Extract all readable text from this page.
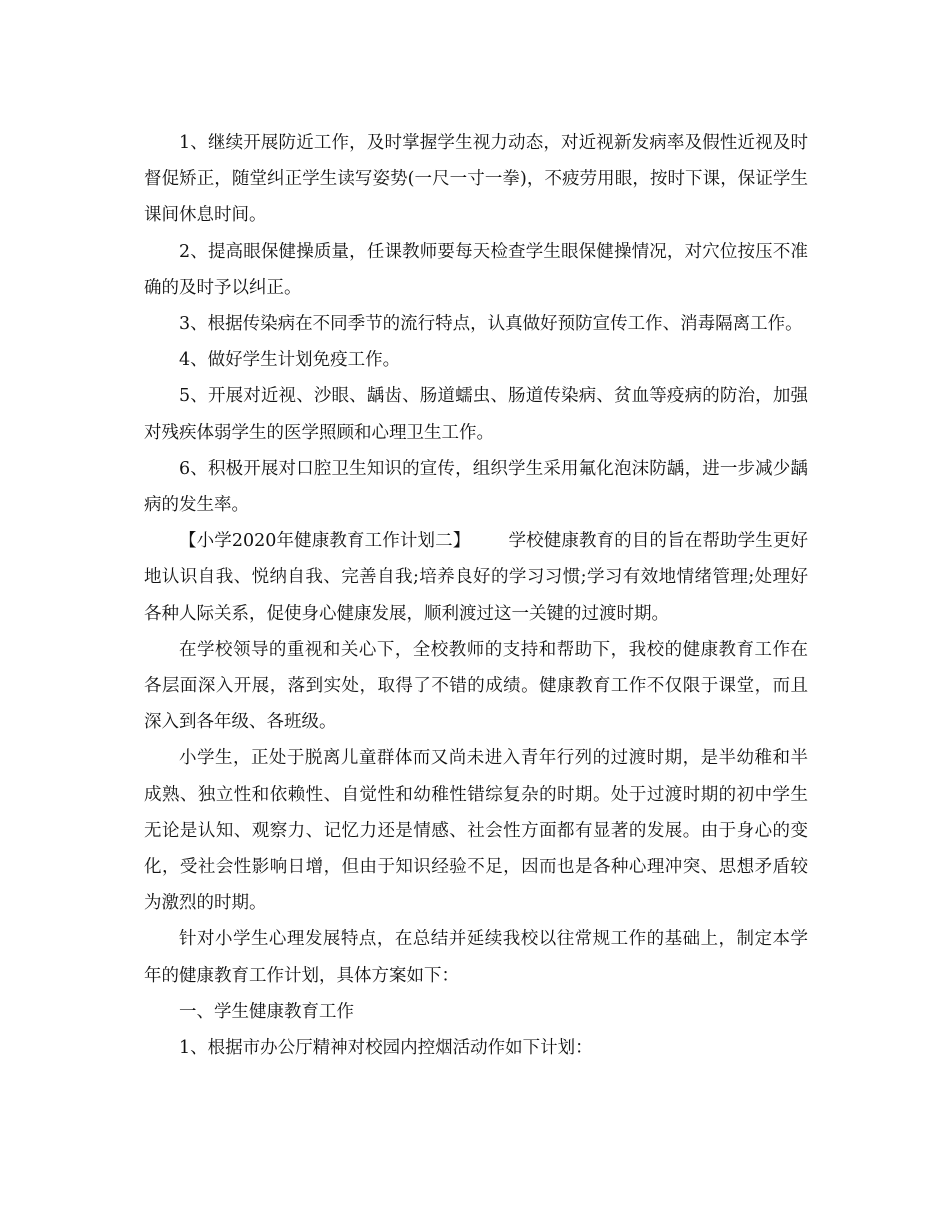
1、继续开展防近工作，及时掌握学生视力动态，对近视新发病率及假性近视及时督促矫正，随堂纠正学生读写姿势(一尺一寸一拳)，不疲劳用眼，按时下课，保证学生课间休息时间。

2、提高眼保健操质量，任课教师要每天检查学生眼保健操情况，对穴位按压不准确的及时予以纠正。

3、根据传染病在不同季节的流行特点，认真做好预防宣传工作、消毒隔离工作。

4、做好学生计划免疫工作。

5、开展对近视、沙眼、龋齿、肠道蠕虫、肠道传染病、贫血等疫病的防治，加强对残疾体弱学生的医学照顾和心理卫生工作。

6、积极开展对口腔卫生知识的宣传，组织学生采用氟化泡沫防龋，进一步减少龋病的发生率。

【小学2020年健康教育工作计划二】 学校健康教育的目的旨在帮助学生更好地认识自我、悦纳自我、完善自我;培养良好的学习习惯;学习有效地情绪管理;处理好各种人际关系，促使身心健康发展，顺利渡过这一关键的过渡时期。

在学校领导的重视和关心下，全校教师的支持和帮助下，我校的健康教育工作在各层面深入开展，落到实处，取得了不错的成绩。健康教育工作不仅限于课堂，而且深入到各年级、各班级。

小学生，正处于脱离儿童群体而又尚未进入青年行列的过渡时期，是半幼稚和半成熟、独立性和依赖性、自觉性和幼稚性错综复杂的时期。处于过渡时期的初中学生无论是认知、观察力、记忆力还是情感、社会性方面都有显著的发展。由于身心的变化，受社会性影响日增，但由于知识经验不足，因而也是各种心理冲突、思想矛盾较为激烈的时期。

针对小学生心理发展特点，在总结并延续我校以往常规工作的基础上，制定本学年的健康教育工作计划，具体方案如下：

一、学生健康教育工作

1、根据市办公厅精神对校园内控烟活动作如下计划：
